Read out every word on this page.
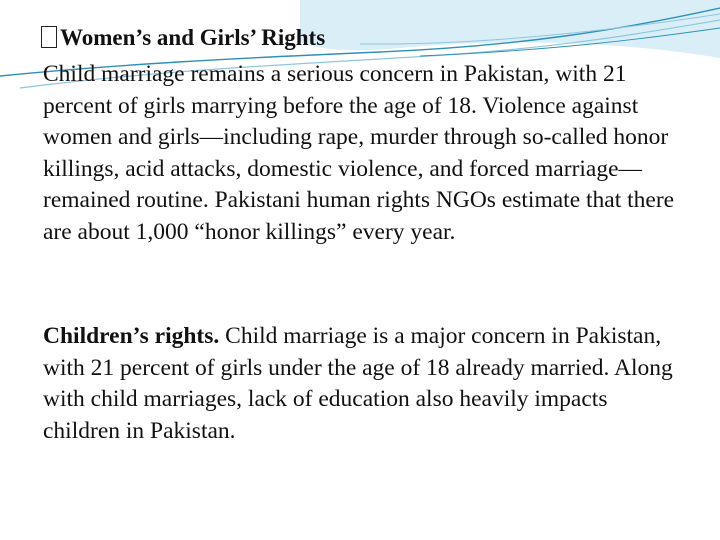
Women’s and Girls’ Rights
Child marriage remains a serious concern in Pakistan, with 21 percent of girls marrying before the age of 18. Violence against women and girls—including rape, murder through so-called honor killings, acid attacks, domestic violence, and forced marriage—remained routine. Pakistani human rights NGOs estimate that there are about 1,000 “honor killings” every year.
Children’s rights. Child marriage is a major concern in Pakistan, with 21 percent of girls under the age of 18 already married. Along with child marriages, lack of education also heavily impacts children in Pakistan.
